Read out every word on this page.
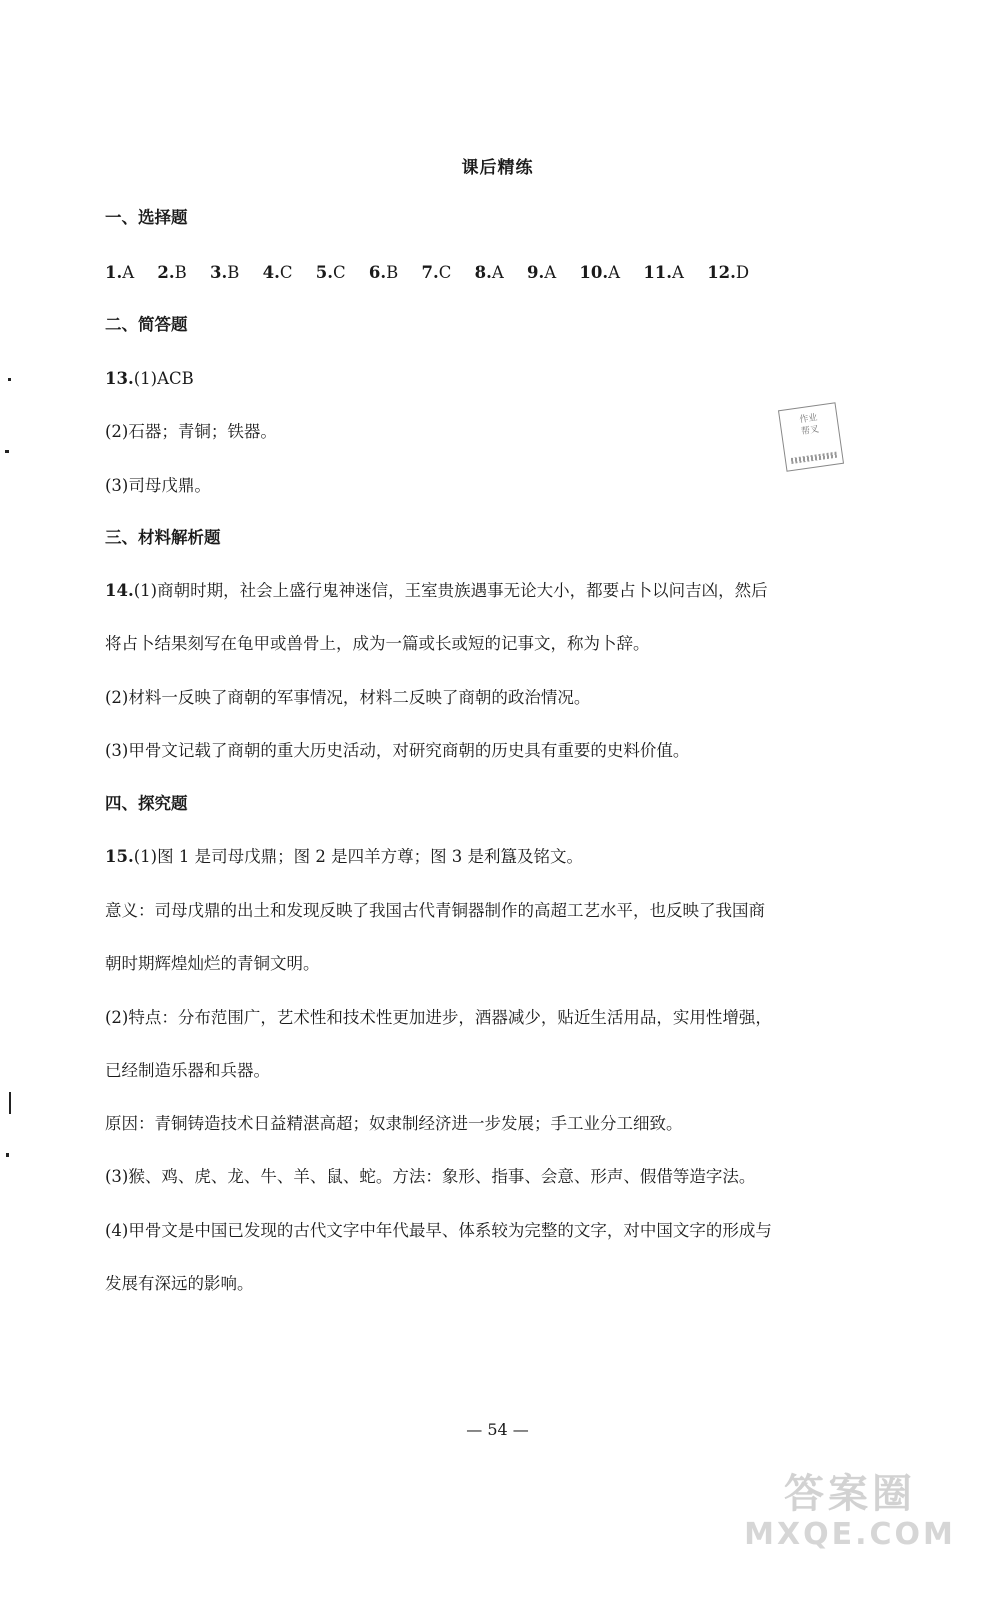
课后精练
一、选择题
1.A 2.B 3.B 4.C 5.C 6.B 7.C 8.A 9.A 10.A 11.A 12.D
二、简答题
13.(1)ACB
(2)石器；青铜；铁器。
(3)司母戊鼎。
三、材料解析题
14.(1)商朝时期，社会上盛行鬼神迷信，王室贵族遇事无论大小，都要占卜以问吉凶，然后
将占卜结果刻写在龟甲或兽骨上，成为一篇或长或短的记事文，称为卜辞。
(2)材料一反映了商朝的军事情况，材料二反映了商朝的政治情况。
(3)甲骨文记载了商朝的重大历史活动，对研究商朝的历史具有重要的史料价值。
四、探究题
15.(1)图 1 是司母戊鼎；图 2 是四羊方尊；图 3 是利簋及铭文。
意义：司母戊鼎的出土和发现反映了我国古代青铜器制作的高超工艺水平，也反映了我国商
朝时期辉煌灿烂的青铜文明。
(2)特点：分布范围广，艺术性和技术性更加进步，酒器减少，贴近生活用品，实用性增强，
已经制造乐器和兵器。
原因：青铜铸造技术日益精湛高超；奴隶制经济进一步发展；手工业分工细致。
(3)猴、鸡、虎、龙、牛、羊、鼠、蛇。方法：象形、指事、会意、形声、假借等造字法。
(4)甲骨文是中国已发现的古代文字中年代最早、体系较为完整的文字，对中国文字的形成与
发展有深远的影响。
— 54 —
作业
帮叉
答案圈
MXQE.COM
